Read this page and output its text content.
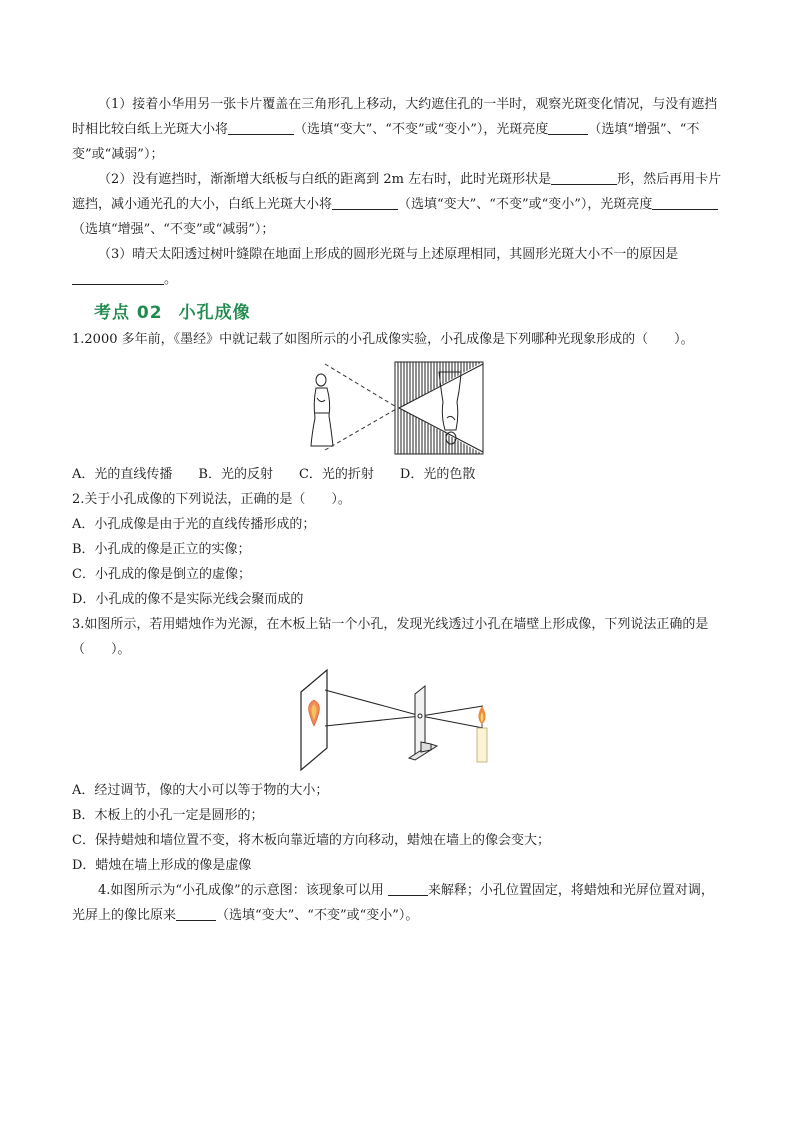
（1）接着小华用另一张卡片覆盖在三角形孔上移动，大约遮住孔的一半时，观察光斑变化情况，与没有遮挡时相比较白纸上光斑大小将	（选填“变大”、“不变”或“变小”），光斑亮度	（选填“增强”、“不变”或“减弱”）；

（2）没有遮挡时，渐渐增大纸板与白纸的距离到 2m 左右时，此时光斑形状是	形，然后再用卡片遮挡，减小通光孔的大小，白纸上光斑大小将	（选填“变大”、“不变”或“变小”），光斑亮度（选填“增强”、“不变”或“减弱”）；

（3）晴天太阳透过树叶缝隙在地面上形成的圆形光斑与上述原理相同，其圆形光斑大小不一的原因是。

考点 02 小孔成像

1.2000 多年前，《墨经》中就记载了如图所示的小孔成像实验，小孔成像是下列哪种光现象形成的（　　）。

A．光的直线传播 B．光的反射 C．光的折射 D．光的色散

2.关于小孔成像的下列说法，正确的是（　　）。

A．小孔成像是由于光的直线传播形成的；

B．小孔成的像是正立的实像；

C．小孔成的像是倒立的虚像；

D．小孔成的像不是实际光线会聚而成的

3.如图所示，若用蜡烛作为光源，在木板上钻一个小孔，发现光线透过小孔在墙壁上形成像，下列说法正确的是（　　）。

A．经过调节，像的大小可以等于物的大小；

B．木板上的小孔一定是圆形的；

C．保持蜡烛和墙位置不变，将木板向靠近墙的方向移动，蜡烛在墙上的像会变大；

D．蜡烛在墙上形成的像是虚像

4.如图所示为“小孔成像”的示意图：该现象可以用	来解释；小孔位置固定，将蜡烛和光屏位置对调，光屏上的像比原来	（选填“变大”、“不变”或“变小”）。
